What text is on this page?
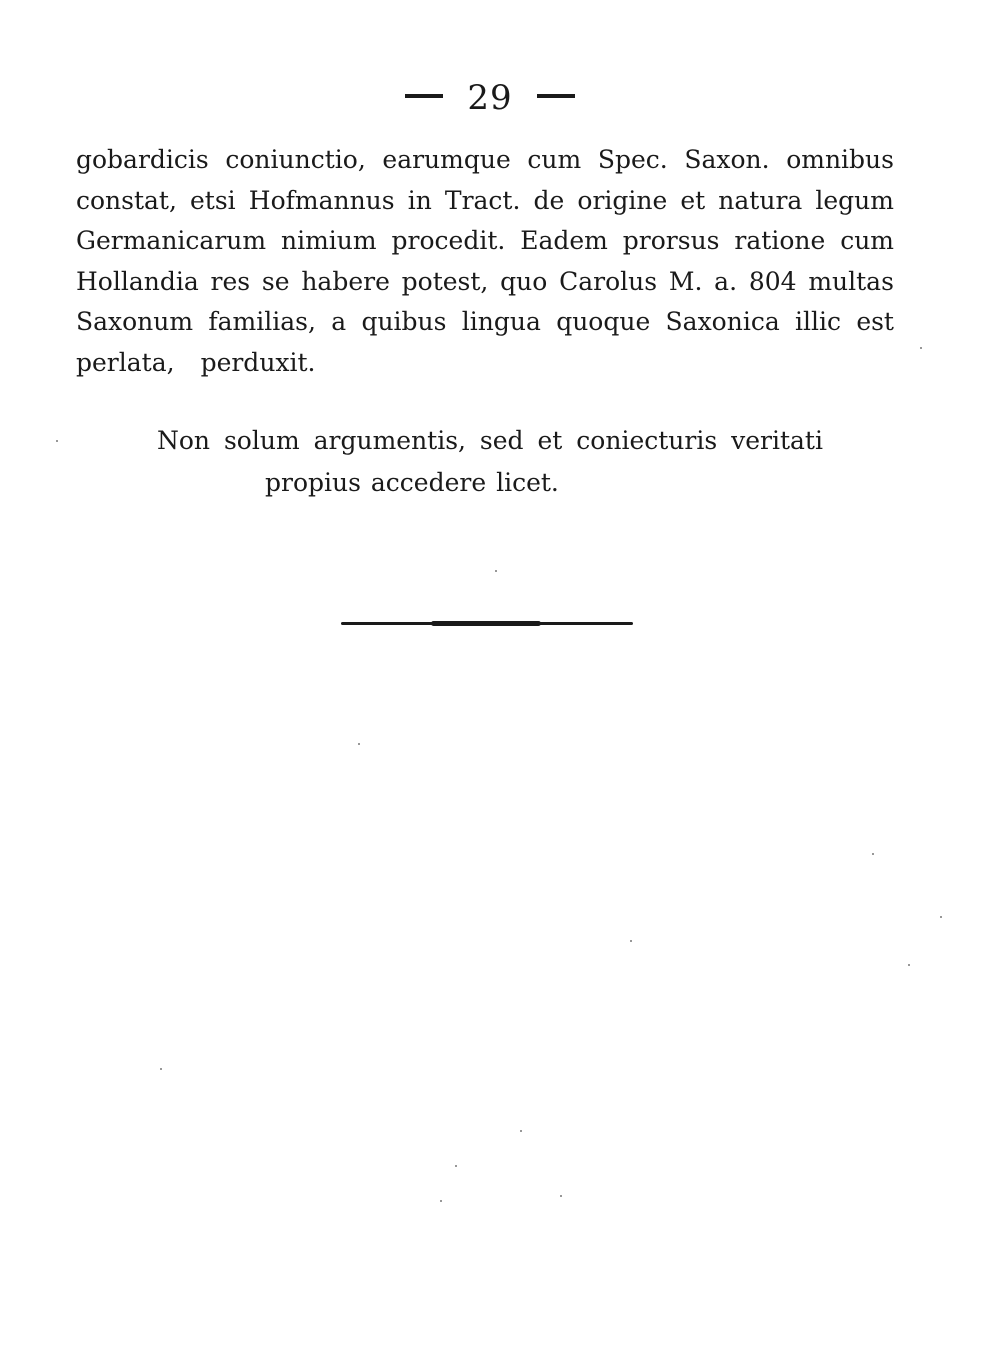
29
gobardicis coniunctio, earumque cum Spec. Saxon. omnibus
constat, etsi Hofmannus in Tract. de origine et natura legum
Germanicarum nimium procedit. Eadem prorsus ratione cum
Hollandia res se habere potest, quo Carolus M. a. 804 multas
Saxonum familias, a quibus lingua quoque Saxonica illic est
perlata, perduxit.
Non solum argumentis, sed et coniecturis veritati
propius accedere licet.
